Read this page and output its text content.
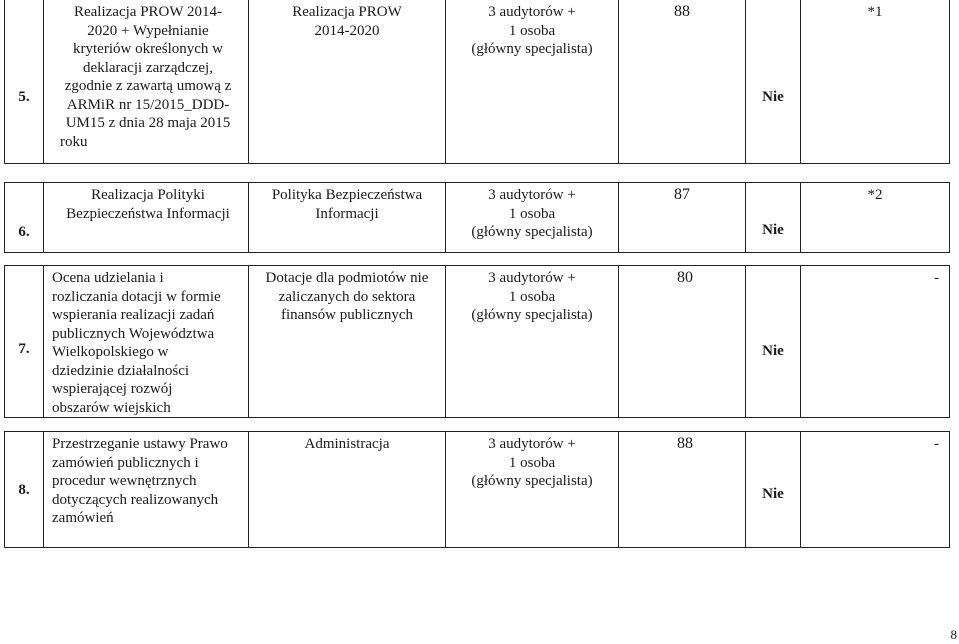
5.
Realizacja PROW 2014-
2020 + Wypełnianie
kryteriów określonych w
deklaracji zarządczej,
zgodnie z zawartą umową z
ARMiR nr 15/2015_DDD-
UM15 z dnia 28 maja 2015
roku
Realizacja PROW
2014-2020
3 audytorów +
1 osoba
(główny specjalista)
88
Nie
*1
6.
Realizacja Polityki
Bezpieczeństwa Informacji
Polityka Bezpieczeństwa
Informacji
3 audytorów +
1 osoba
(główny specjalista)
87
Nie
*2
7.
Ocena udzielania i
rozliczania dotacji w formie
wspierania realizacji zadań
publicznych Województwa
Wielkopolskiego w
dziedzinie działalności
wspierającej rozwój
obszarów wiejskich
Dotacje dla podmiotów nie
zaliczanych do sektora
finansów publicznych
3 audytorów +
1 osoba
(główny specjalista)
80
Nie
-
8.
Przestrzeganie ustawy Prawo
zamówień publicznych i
procedur wewnętrznych
dotyczących realizowanych
zamówień
Administracja	3 audytorów +
1 osoba
(główny specjalista)
88
Nie
-
8
